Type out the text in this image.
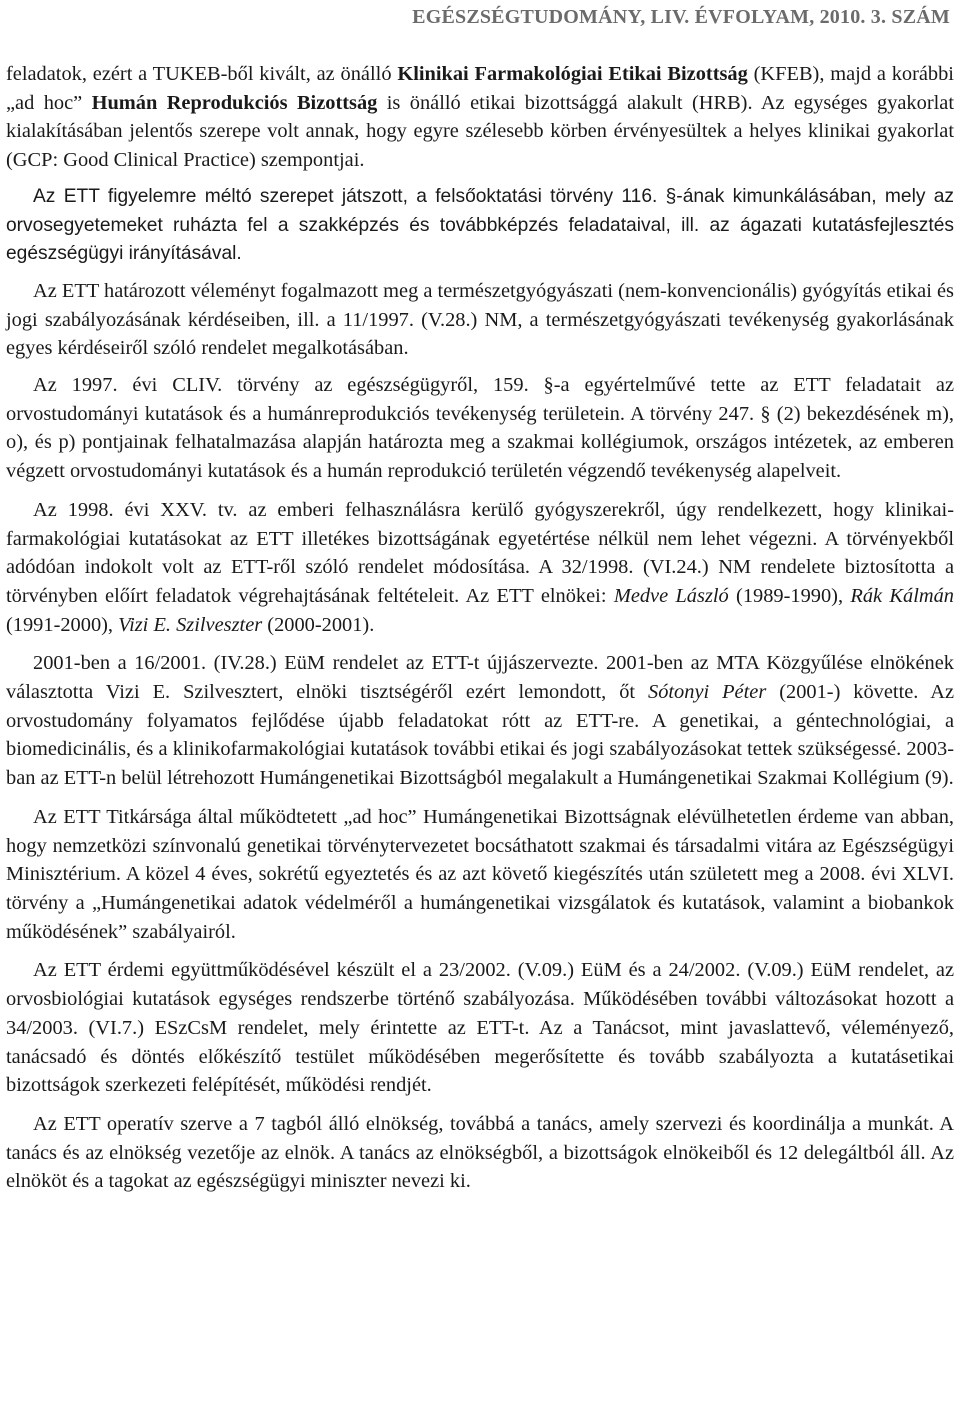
EGÉSZSÉGTUDOMÁNY, LIV. ÉVFOLYAM, 2010. 3. SZÁM

feladatok, ezért a TUKEB-ből kivált, az önálló Klinikai Farmakológiai Etikai Bizottság (KFEB), majd a korábbi „ad hoc” Humán Reprodukciós Bizottság is önálló etikai bizottsággá alakult (HRB). Az egységes gyakorlat kialakításában jelentős szerepe volt annak, hogy egyre szélesebb körben érvényesültek a helyes klinikai gyakorlat (GCP: Good Clinical Practice) szempontjai.

Az ETT figyelemre méltó szerepet játszott, a felsőoktatási törvény 116. §-ának kimunkálásában, mely az orvosegyetemeket ruházta fel a szakképzés és továbbképzés feladataival, ill. az ágazati kutatásfejlesztés egészségügyi irányításával.

Az ETT határozott véleményt fogalmazott meg a természetgyógyászati (nem-konvencionális) gyógyítás etikai és jogi szabályozásának kérdéseiben, ill. a 11/1997. (V.28.) NM, a természetgyógyászati tevékenység gyakorlásának egyes kérdéseiről szóló rendelet megalkotásában.

Az 1997. évi CLIV. törvény az egészségügyről, 159. §-a egyértelművé tette az ETT feladatait az orvostudományi kutatások és a humánreprodukciós tevékenység területein. A törvény 247. § (2) bekezdésének m), o), és p) pontjainak felhatalmazása alapján határozta meg a szakmai kollégiumok, országos intézetek, az emberen végzett orvostudományi kutatások és a humán reprodukció területén végzendő tevékenység alapelveit.

Az 1998. évi XXV. tv. az emberi felhasználásra kerülő gyógyszerekről, úgy rendelkezett, hogy klinikai-farmakológiai kutatásokat az ETT illetékes bizottságának egyetértése nélkül nem lehet végezni. A törvényekből adódóan indokolt volt az ETT-ről szóló rendelet módosítása. A 32/1998. (VI.24.) NM rendelete biztosította a törvényben előírt feladatok végrehajtásának feltételeit. Az ETT elnökei: Medve László (1989-1990), Rák Kálmán (1991-2000), Vizi E. Szilveszter (2000-2001).

2001-ben a 16/2001. (IV.28.) EüM rendelet az ETT-t újjászervezte. 2001-ben az MTA Közgyűlése elnökének választotta Vizi E. Szilvesztert, elnöki tisztségéről ezért lemondott, őt Sótonyi Péter (2001-) követte. Az orvostudomány folyamatos fejlődése újabb feladatokat rótt az ETT-re. A genetikai, a géntechnológiai, a biomedicinális, és a klinikofarmakológiai kutatások további etikai és jogi szabályozásokat tettek szükségessé. 2003-ban az ETT-n belül létrehozott Humángenetikai Bizottságból megalakult a Humángenetikai Szakmai Kollégium (9).

Az ETT Titkársága által működtetett „ad hoc” Humángenetikai Bizottságnak elévülhetetlen érdeme van abban, hogy nemzetközi színvonalú genetikai törvénytervezetet bocsáthatott szakmai és társadalmi vitára az Egészségügyi Minisztérium. A közel 4 éves, sokrétű egyeztetés és az azt követő kiegészítés után született meg a 2008. évi XLVI. törvény a „Humángenetikai adatok védelméről a humángenetikai vizsgálatok és kutatások, valamint a biobankok működésének” szabályairól.

Az ETT érdemi együttműködésével készült el a 23/2002. (V.09.) EüM és a 24/2002. (V.09.) EüM rendelet, az orvosbiológiai kutatások egységes rendszerbe történő szabályozása. Működésében további változásokat hozott a 34/2003. (VI.7.) ESzCsM rendelet, mely érintette az ETT-t. Az a Tanácsot, mint javaslattevő, véleményező, tanácsadó és döntés előkészítő testület működésében megerősítette és tovább szabályozta a kutatásetikai bizottságok szerkezeti felépítését, működési rendjét.

Az ETT operatív szerve a 7 tagból álló elnökség, továbbá a tanács, amely szervezi és koordinálja a munkát. A tanács és az elnökség vezetője az elnök. A tanács az elnökségből, a bizottságok elnökeiből és 12 delegáltból áll. Az elnököt és a tagokat az egészségügyi miniszter nevezi ki.
